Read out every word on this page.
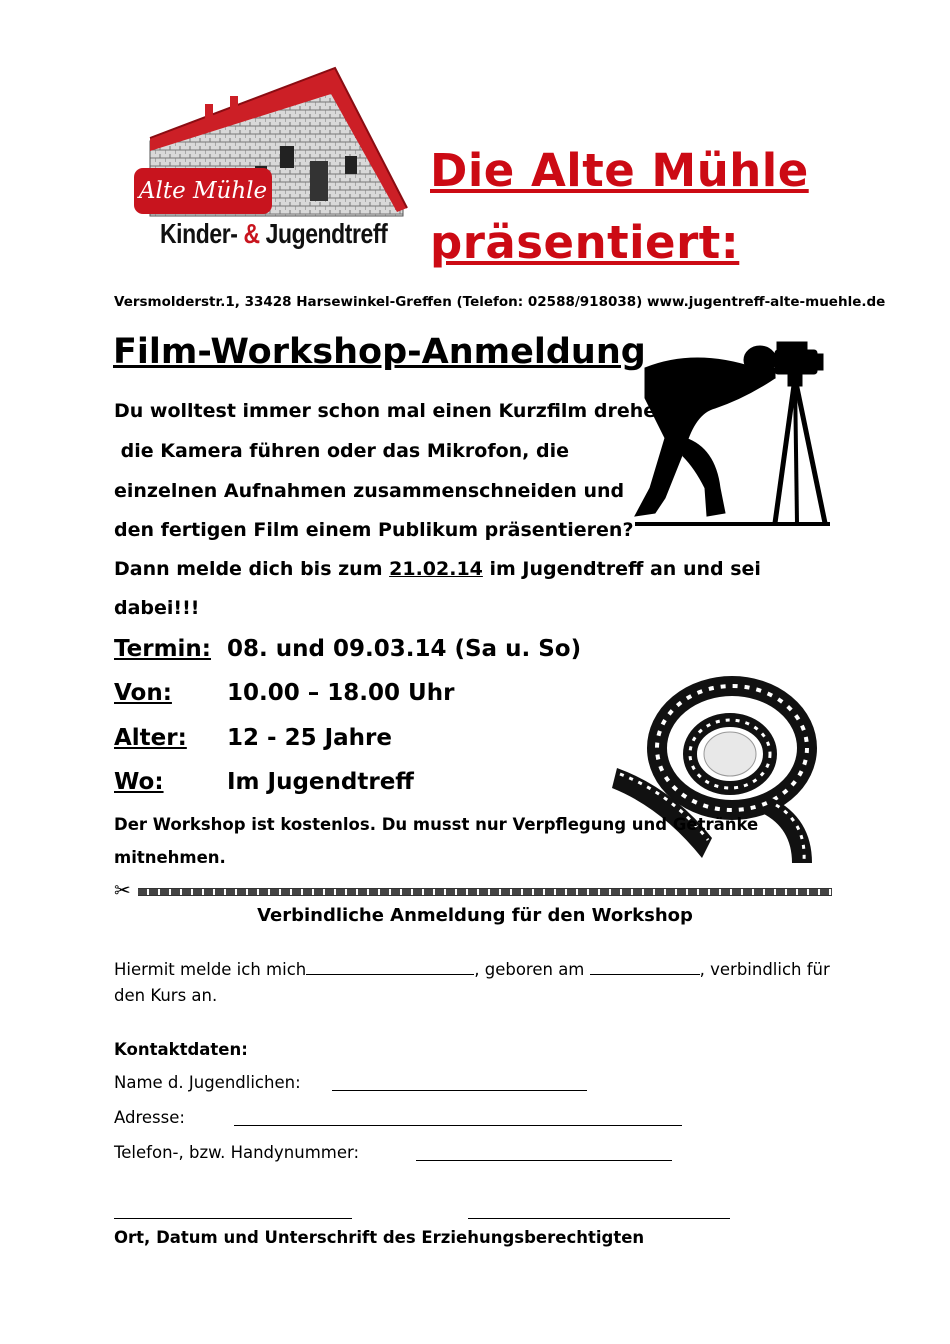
Alte Mühle
Kinder- & Jugendtreff
Die Alte Mühle
präsentiert:
Versmolderstr.1, 33428 Harsewinkel-Greffen (Telefon: 02588/918038) www.jugentreff-alte-muehle.de
Film-Workshop-Anmeldung
Du wolltest immer schon mal einen Kurzfilm drehen,
die Kamera führen oder das Mikrofon, die
einzelnen Aufnahmen zusammenschneiden und
den fertigen Film einem Publikum präsentieren?
Dann melde dich bis zum 21.02.14 im Jugendtreff an und sei
dabei!!!
Termin: 08. und 09.03.14 (Sa u. So)
Von: 10.00 – 18.00 Uhr
Alter: 12 - 25 Jahre
Wo:	Im Jugendtreff
Der Workshop ist kostenlos. Du musst nur Verpflegung und Getränke
mitnehmen.
✂
Verbindliche Anmeldung für den Workshop
Hiermit melde ich mich	, geboren am	, verbindlich für
den Kurs an.
Kontaktdaten:
Name d. Jugendlichen:
Adresse:
Telefon-, bzw. Handynummer:
Ort, Datum und Unterschrift des Erziehungsberechtigten
